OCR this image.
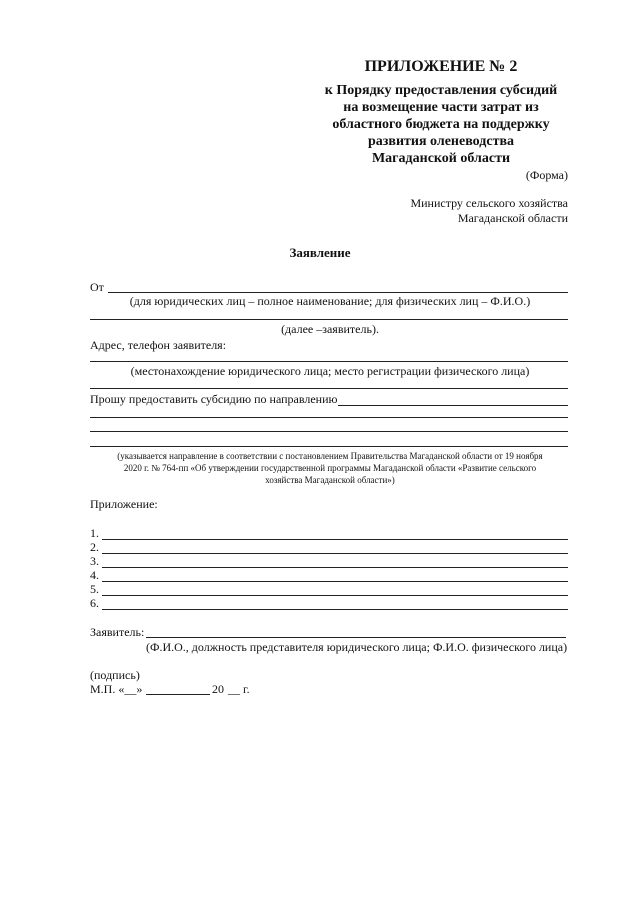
ПРИЛОЖЕНИЕ № 2
к Порядку предоставления субсидий
на возмещение части затрат из
областного бюджета на поддержку
развития оленеводства
Магаданской области
(Форма)
Министру сельского хозяйства
Магаданской области
Заявление
От
(для юридических лиц – полное наименование; для физических лиц – Ф.И.О.)
(далее –заявитель).
Адрес, телефон заявителя:
(местонахождение юридического лица; место регистрации физического лица)
Прошу предоставить субсидию по направлению
(указывается направление в соответствии с постановлением Правительства Магаданской области от 19 ноября
2020 г. № 764-пп «Об утверждении государственной программы Магаданской области «Развитие сельского
хозяйства Магаданской области»)
Приложение:
1.
2.
3.
4.
5.
6.
Заявитель:
(Ф.И.О., должность представителя юридического лица; Ф.И.О. физического лица)
(подпись)
М.П. «__»	20 __ г.
